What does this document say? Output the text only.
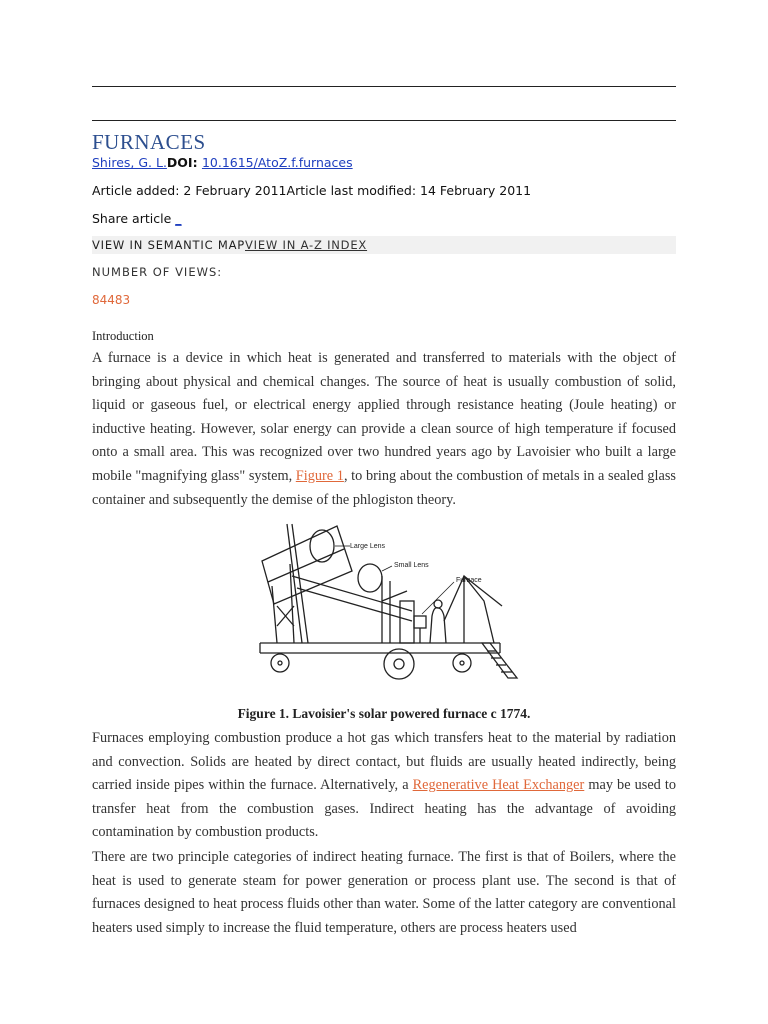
FURNACES
Shires, G. L.DOI: 10.1615/AtoZ.f.furnaces
Article added: 2 February 2011Article last modified: 14 February 2011
Share article _
VIEW IN SEMANTIC MAPVIEW IN A-Z INDEX
NUMBER OF VIEWS:
84483
Introduction
A furnace is a device in which heat is generated and transferred to materials with the object of bringing about physical and chemical changes. The source of heat is usually combustion of solid, liquid or gaseous fuel, or electrical energy applied through resistance heating (Joule heating) or inductive heating. However, solar energy can provide a clean source of high temperature if focused onto a small area. This was recognized over two hundred years ago by Lavoisier who built a large mobile "magnifying glass" system, Figure 1, to bring about the combustion of metals in a sealed glass container and subsequently the demise of the phlogiston theory.
Large Lens
Small Lens
Furnace
Figure 1. Lavoisier's solar powered furnace c 1774.
Furnaces employing combustion produce a hot gas which transfers heat to the material by radiation and convection. Solids are heated by direct contact, but fluids are usually heated indirectly, being carried inside pipes within the furnace. Alternatively, a Regenerative Heat Exchanger may be used to transfer heat from the combustion gases. Indirect heating has the advantage of avoiding contamination by combustion products.
There are two principle categories of indirect heating furnace. The first is that of Boilers, where the heat is used to generate steam for power generation or process plant use. The second is that of furnaces designed to heat process fluids other than water. Some of the latter category are conventional heaters used simply to increase the fluid temperature, others are process heaters used
